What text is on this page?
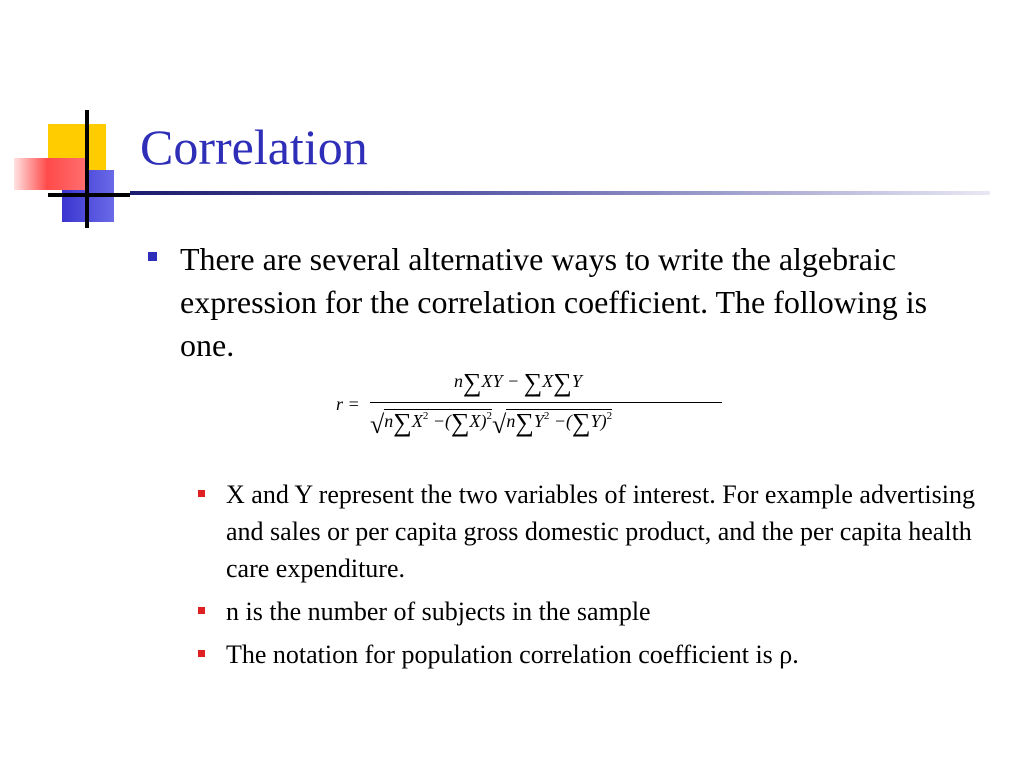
Correlation
There are several alternative ways to write the algebraic expression for the correlation coefficient. The following is one.
r =
n∑XY − ∑X∑Y
$√n\sum X^2 -(\sum X)^2√n\sum Y^2 -(\sum Y)^2$
X and Y represent the two variables of interest. For example advertising and sales or per capita gross domestic product, and the per capita health care expenditure.
n is the number of subjects in the sample
The notation for population correlation coefficient is ρ.
